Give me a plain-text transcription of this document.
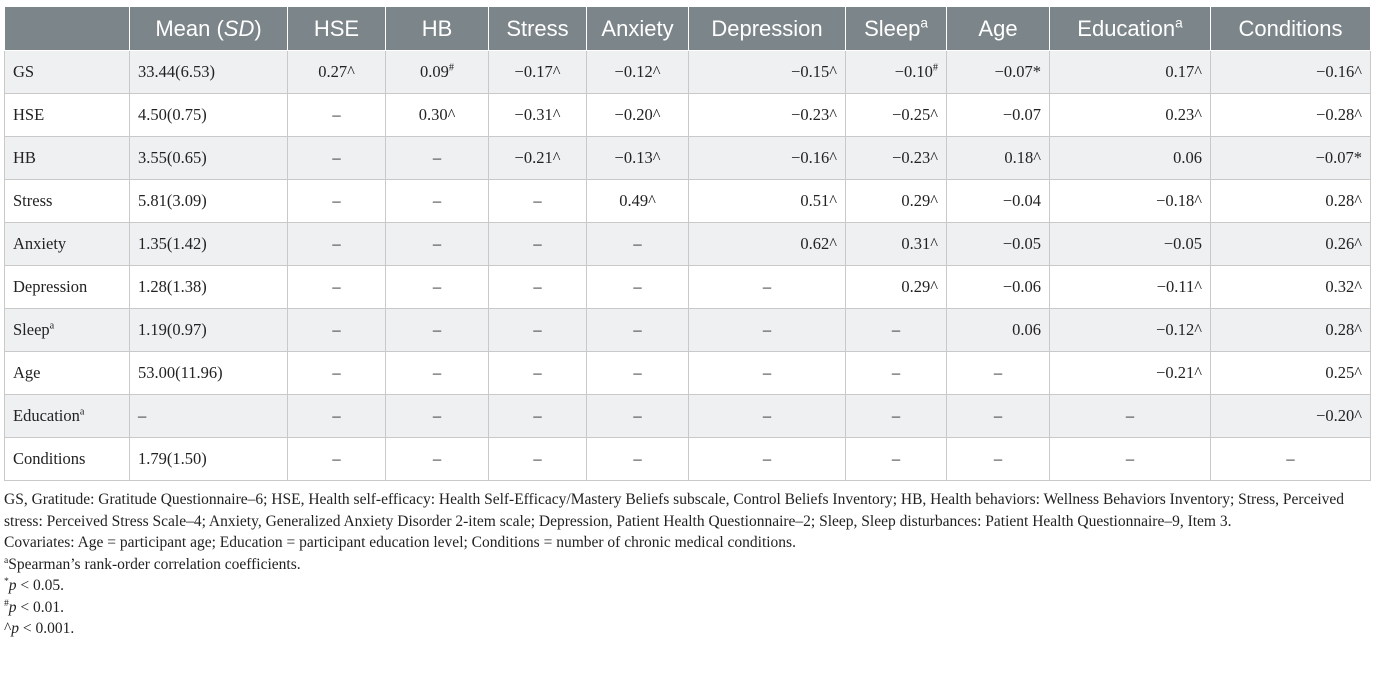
	Mean (SD)	HSE	HB	Stress	Anxiety	Depression	Sleep$^a$	Age	Education$^a$	Conditions
GS	33.44(6.53)	0.27^	0.09#	−0.17^	−0.12^	−0.15^	−0.10#	−0.07*	0.17^	−0.16^
HSE	4.50(0.75)	–	0.30^	−0.31^	−0.20^	−0.23^	−0.25^	−0.07	0.23^	−0.28^
HB	3.55(0.65)	–	–	−0.21^	−0.13^	−0.16^	−0.23^	0.18^	0.06	−0.07*
Stress	5.81(3.09)	–	–	–	0.49^	0.51^	0.29^	−0.04	−0.18^	0.28^
Anxiety	1.35(1.42)	–	–	–	–	0.62^	0.31^	−0.05	−0.05	0.26^
Depression	1.28(1.38)	–	–	–	–	–	0.29^	−0.06	−0.11^	0.32^
Sleep$^a$	1.19(0.97)	–	–	–	–	–	–	0.06	−0.12^	0.28^
Age	53.00(11.96)	–	–	–	–	–	–	–	−0.21^	0.25^
Education$^a$	–	–	–	–	–	–	–	–	–	−0.20^
Conditions	1.79(1.50)	–	–	–	–	–	–	–	–	–

GS, Gratitude: Gratitude Questionnaire–6; HSE, Health self-efficacy: Health Self-Efficacy/Mastery Beliefs subscale, Control Beliefs Inventory; HB, Health behaviors: Wellness Behaviors Inventory; Stress, Perceived stress: Perceived Stress Scale–4; Anxiety, Generalized Anxiety Disorder 2-item scale; Depression, Patient Health Questionnaire–2; Sleep, Sleep disturbances: Patient Health Questionnaire–9, Item 3.

Covariates: Age = participant age; Education = participant education level; Conditions = number of chronic medical conditions.

$^a$Spearman’s rank-order correlation coefficients.

*p < 0.05.

#p < 0.01.

^p < 0.001.
